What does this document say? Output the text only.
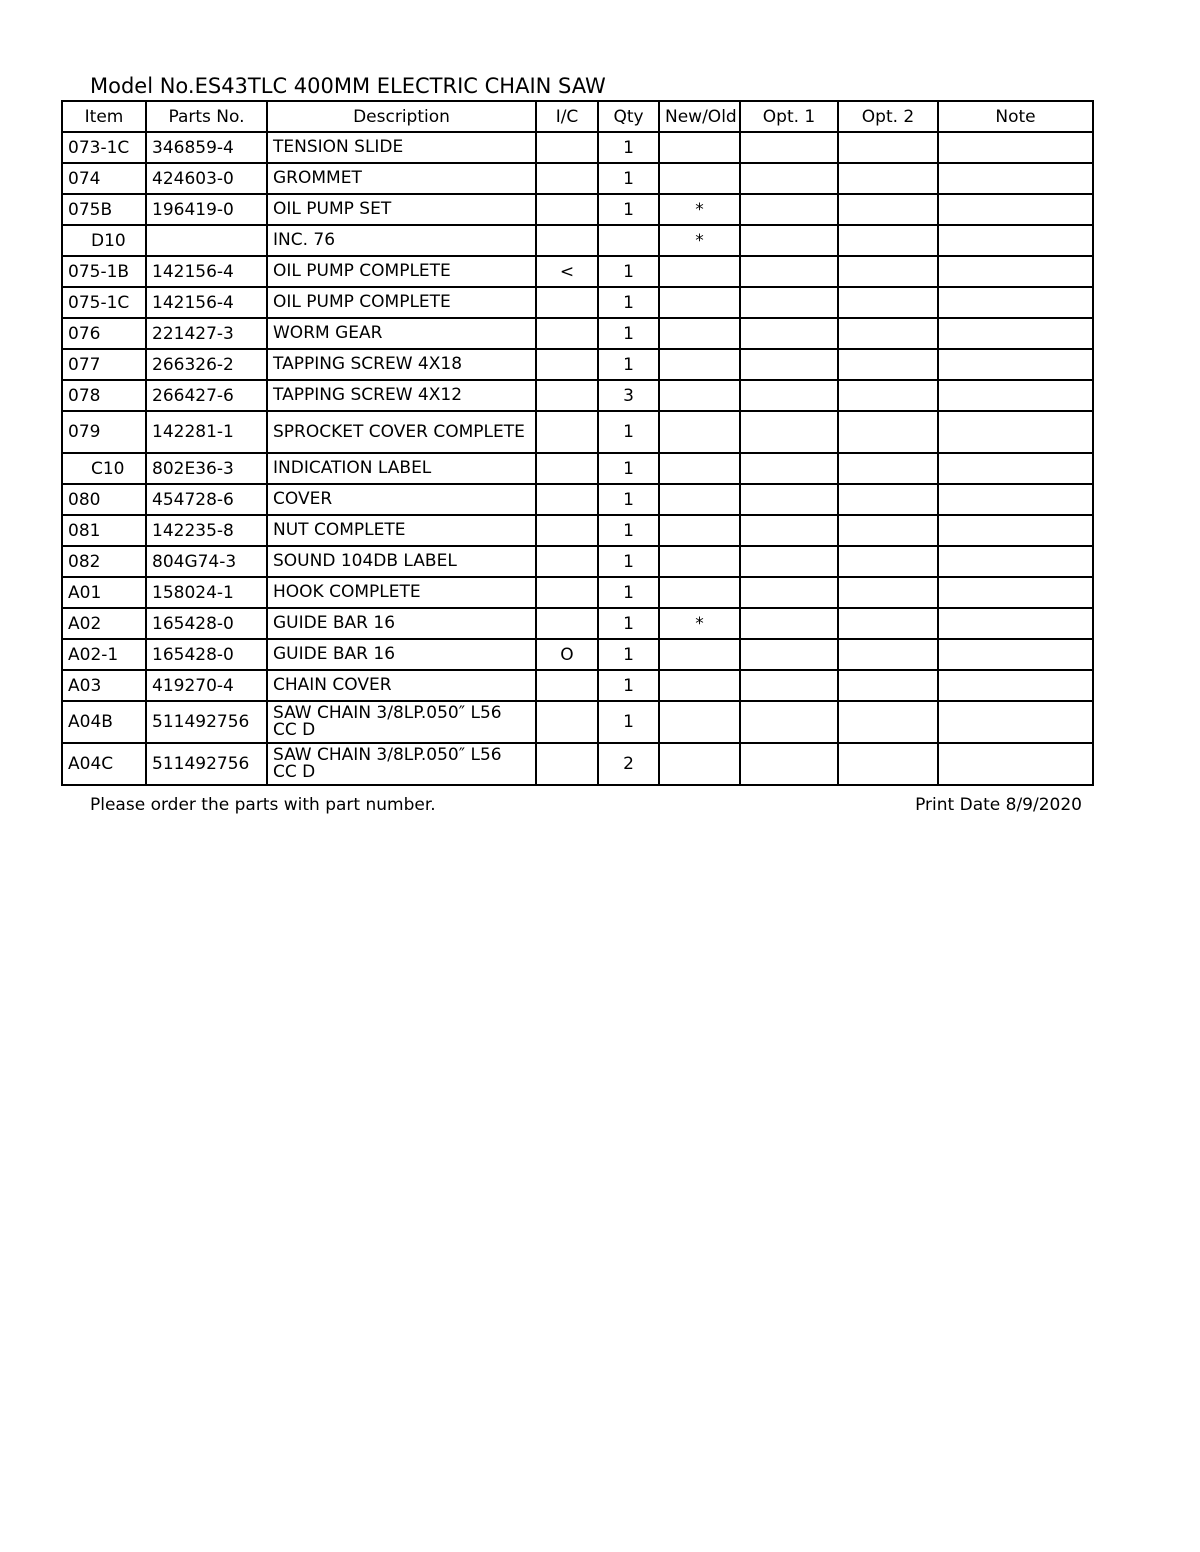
Model No.ES43TLC 400MM ELECTRIC CHAIN SAW
Item	Parts No.	Description	I/C	Qty	New/Old	Opt. 1	Opt. 2	Note
073-1C	346859-4	TENSION SLIDE		1				
074	424603-0	GROMMET		1				
075B	196419-0	OIL PUMP SET		1	*			
D10		INC. 76			*			
075-1B	142156-4	OIL PUMP COMPLETE	<	1				
075-1C	142156-4	OIL PUMP COMPLETE		1				
076	221427-3	WORM GEAR		1				
077	266326-2	TAPPING SCREW 4X18		1				
078	266427-6	TAPPING SCREW 4X12		3				
079	142281-1	SPROCKET COVER COMPLETE		1				
C10	802E36-3	INDICATION LABEL		1				
080	454728-6	COVER		1				
081	142235-8	NUT COMPLETE		1				
082	804G74-3	SOUND 104DB LABEL		1				
A01	158024-1	HOOK COMPLETE		1				
A02	165428-0	GUIDE BAR 16		1	*			
A02-1	165428-0	GUIDE BAR 16	O	1				
A03	419270-4	CHAIN COVER		1				
A04B	511492756	SAW CHAIN 3/8LP.050″ L56 CC D		1				
A04C	511492756	SAW CHAIN 3/8LP.050″ L56 CC D		2				
Please order the parts with part number.	Print Date 8/9/2020
